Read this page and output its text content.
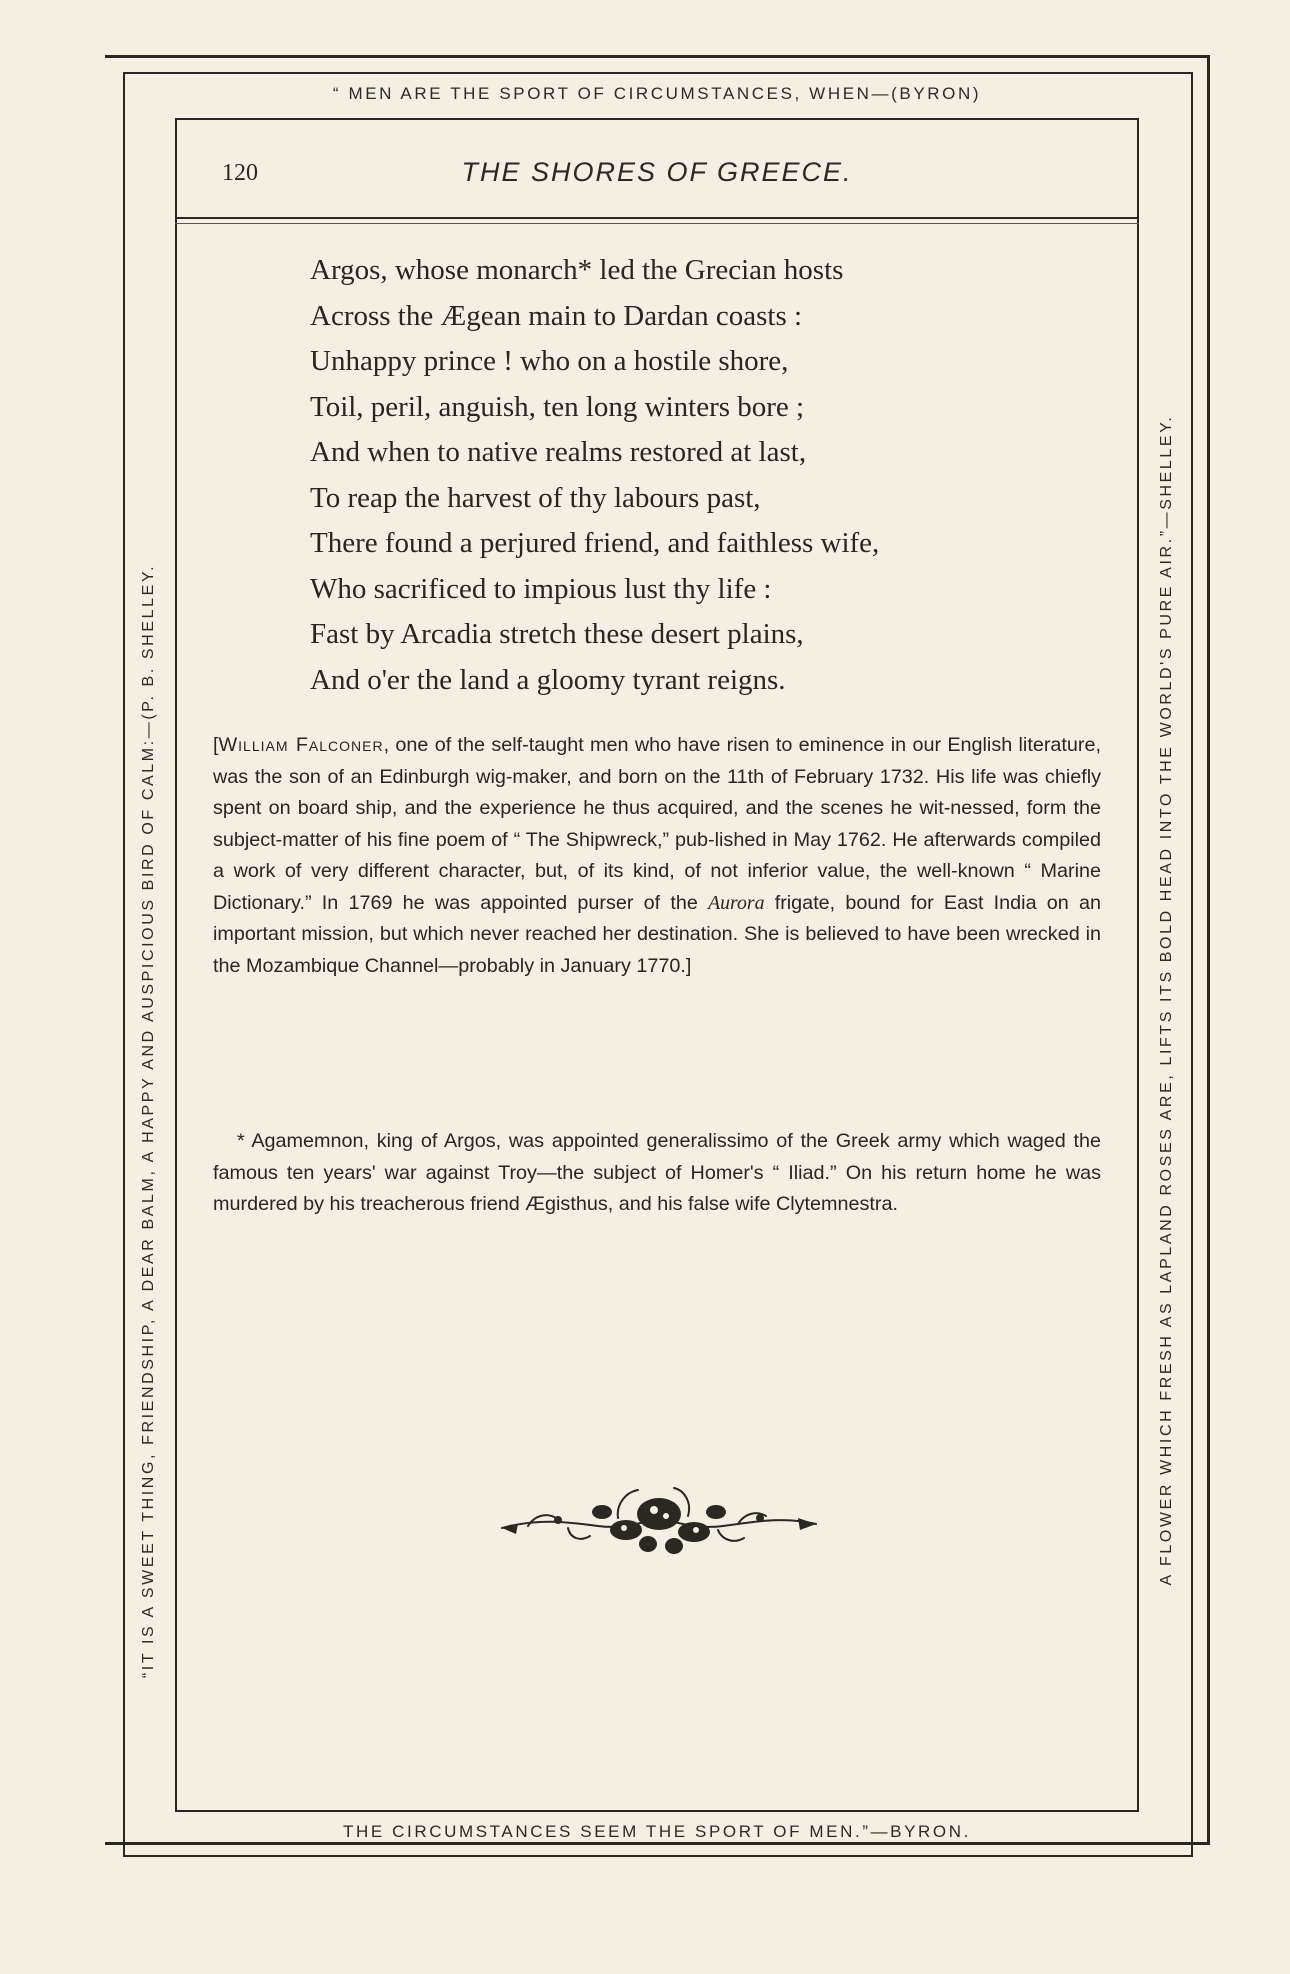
“ MEN ARE THE SPORT OF CIRCUMSTANCES, WHEN—(BYRON)
THE CIRCUMSTANCES SEEM THE SPORT OF MEN.”—BYRON.
“IT IS A SWEET THING, FRIENDSHIP, A DEAR BALM, A HAPPY AND AUSPICIOUS BIRD OF CALM:—(P. B. SHELLEY.	A FLOWER WHICH FRESH AS LAPLAND ROSES ARE, LIFTS ITS BOLD HEAD INTO THE WORLD'S PURE AIR.”—SHELLEY.
120	THE SHORES OF GREECE.
Argos, whose monarch* led the Grecian hosts
Across the Ægean main to Dardan coasts :
Unhappy prince ! who on a hostile shore,
Toil, peril, anguish, ten long winters bore ;
And when to native realms restored at last,
To reap the harvest of thy labours past,
There found a perjured friend, and faithless wife,
Who sacrificed to impious lust thy life :
Fast by Arcadia stretch these desert plains,
And o'er the land a gloomy tyrant reigns.

[William Falconer, one of the self-taught men who have risen to eminence in our English literature, was the son of an Edinburgh wig-maker, and born on the 11th of February 1732. His life was chiefly spent on board ship, and the experience he thus acquired, and the scenes he wit-nessed, form the subject-matter of his fine poem of “ The Shipwreck,” pub-lished in May 1762. He afterwards compiled a work of very different character, but, of its kind, of not inferior value, the well-known “ Marine Dictionary.” In 1769 he was appointed purser of the Aurora frigate, bound for East India on an important mission, but which never reached her destination. She is believed to have been wrecked in the Mozambique Channel—probably in January 1770.]

* Agamemnon, king of Argos, was appointed generalissimo of the Greek army which waged the famous ten years' war against Troy—the subject of Homer's “ Iliad.” On his return home he was murdered by his treacherous friend Ægisthus, and his false wife Clytemnestra.
